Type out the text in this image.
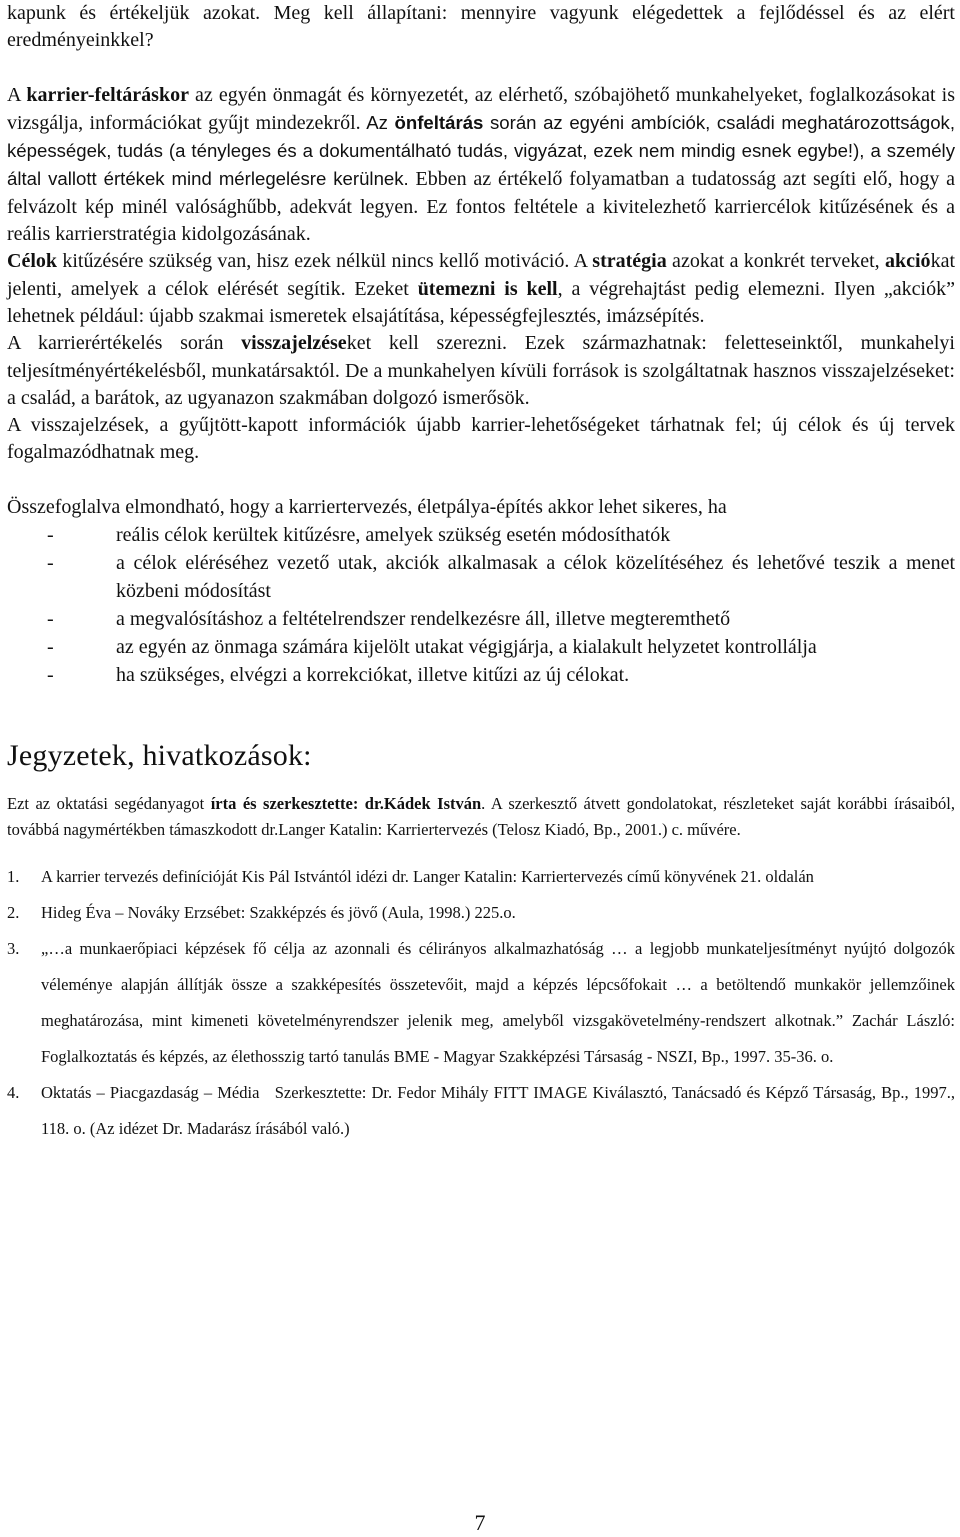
kapunk és értékeljük azokat. Meg kell állapítani: mennyire vagyunk elégedettek a fejlődéssel és az elért eredményeinkkel?

A karrier-feltáráskor az egyén önmagát és környezetét, az elérhető, szóbajöhető munkahelyeket, foglalkozásokat is vizsgálja, információkat gyűjt mindezekről. Az önfeltárás során az egyéni ambíciók, családi meghatározottságok, képességek, tudás (a tényleges és a dokumentálható tudás, vigyázat, ezek nem mindig esnek egybe!), a személy által vallott értékek mind mérlegelésre kerülnek. Ebben az értékelő folyamatban a tudatosság azt segíti elő, hogy a felvázolt kép minél valósághűbb, adekvát legyen. Ez fontos feltétele a kivitelezhető karriercélok kitűzésének és a reális karrierstratégia kidolgozásának.

Célok kitűzésére szükség van, hisz ezek nélkül nincs kellő motiváció. A stratégia azokat a konkrét terveket, akciókat jelenti, amelyek a célok elérését segítik. Ezeket ütemezni is kell, a végrehajtást pedig elemezni. Ilyen „akciók” lehetnek például: újabb szakmai ismeretek elsajátítása, képességfejlesztés, imázsépítés.

A karrierértékelés során visszajelzéseket kell szerezni. Ezek származhatnak: feletteseinktől, munkahelyi teljesítményértékelésből, munkatársaktól. De a munkahelyen kívüli források is szolgáltatnak hasznos visszajelzéseket: a család, a barátok, az ugyanazon szakmában dolgozó ismerősök.

A visszajelzések, a gyűjtött-kapott információk újabb karrier-lehetőségeket tárhatnak fel; új célok és új tervek fogalmazódhatnak meg.

Összefoglalva elmondható, hogy a karriertervezés, életpálya-építés akkor lehet sikeres, ha

-	reális célok kerültek kitűzésre, amelyek szükség esetén módosíthatók
-	a célok eléréséhez vezető utak, akciók alkalmasak a célok közelítéséhez és lehetővé teszik a menet közbeni módosítást
-	a megvalósításhoz a feltételrendszer rendelkezésre áll, illetve megteremthető
-	az egyén az önmaga számára kijelölt utakat végigjárja, a kialakult helyzetet kontrollálja
-	ha szükséges, elvégzi a korrekciókat, illetve kitűzi az új célokat.
Jegyzetek, hivatkozások:

Ezt az oktatási segédanyagot írta és szerkesztette: dr.Kádek István. A szerkesztő átvett gondolatokat, részleteket saját korábbi írásaiból, továbbá nagymértékben támaszkodott dr.Langer Katalin: Karriertervezés (Telosz Kiadó, Bp., 2001.) c. művére.

1. A karrier tervezés definícióját Kis Pál Istvántól idézi dr. Langer Katalin: Karriertervezés című könyvének 21. oldalán
2. Hideg Éva – Nováky Erzsébet: Szakképzés és jövő (Aula, 1998.) 225.o.
3. „…a munkaerőpiaci képzések fő célja az azonnali és célirányos alkalmazhatóság … a legjobb munkateljesítményt nyújtó dolgozók véleménye alapján állítják össze a szakképesítés összetevőit, majd a képzés lépcsőfokait … a betöltendő munkakör jellemzőinek meghatározása, mint kimeneti követelményrendszer jelenik meg, amelyből vizsgakövetelmény-rendszert alkotnak.” Zachár László: Foglalkoztatás és képzés, az élethosszig tartó tanulás BME - Magyar Szakképzési Társaság - NSZI, Bp., 1997. 35-36. o.
4. Oktatás – Piacgazdaság – Média   Szerkesztette: Dr. Fedor Mihály FITT IMAGE Kiválasztó, Tanácsadó és Képző Társaság, Bp., 1997., 118. o. (Az idézet Dr. Madarász írásából való.)
7
